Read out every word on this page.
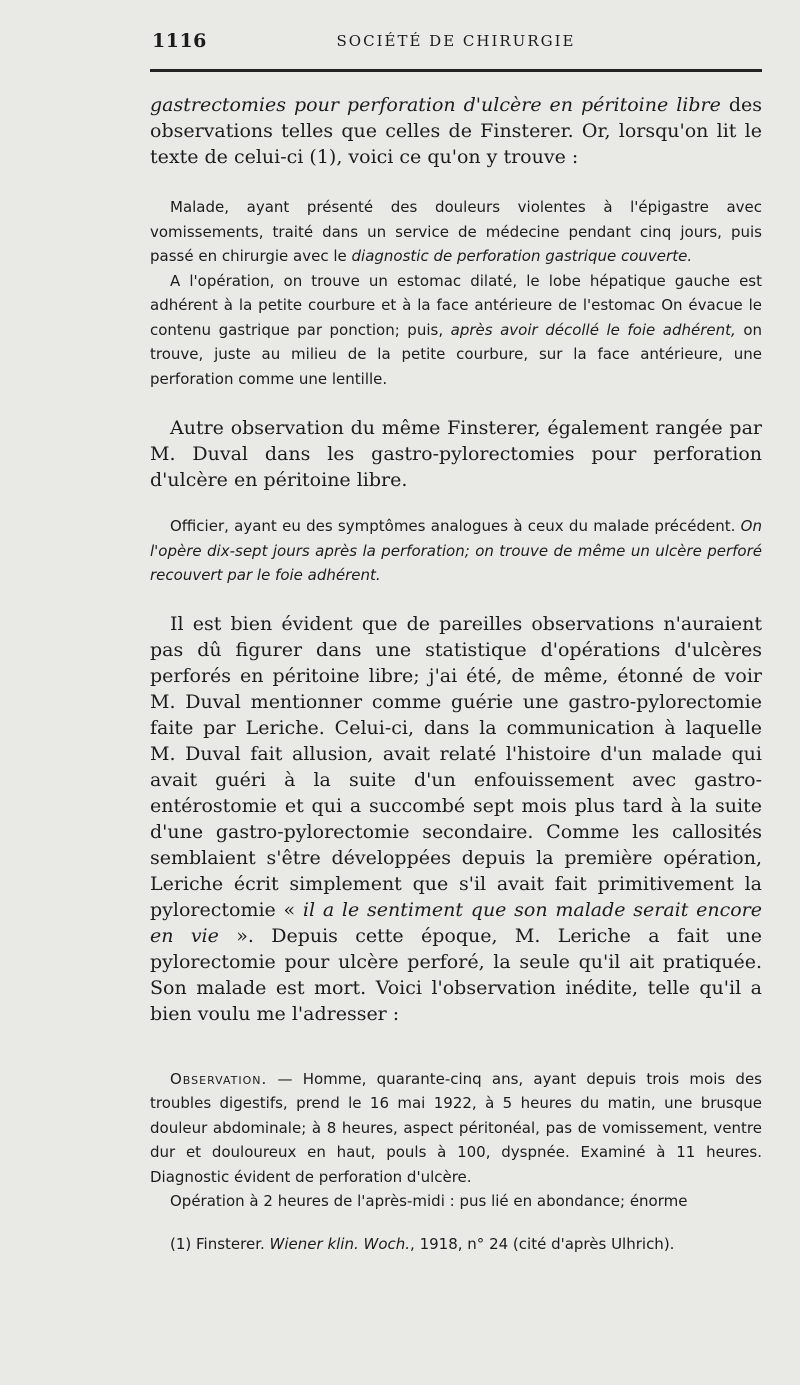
1116	SOCIÉTÉ DE CHIRURGIE

gastrectomies pour perforation d'ulcère en péritoine libre des observations telles que celles de Finsterer. Or, lorsqu'on lit le texte de celui-ci (1), voici ce qu'on y trouve :

Malade, ayant présenté des douleurs violentes à l'épigastre avec vomissements, traité dans un service de médecine pendant cinq jours, puis passé en chirurgie avec le diagnostic de perforation gastrique couverte.

A l'opération, on trouve un estomac dilaté, le lobe hépatique gauche est adhérent à la petite courbure et à la face antérieure de l'estomac On évacue le contenu gastrique par ponction; puis, après avoir décollé le foie adhérent, on trouve, juste au milieu de la petite courbure, sur la face antérieure, une perforation comme une lentille.

Autre observation du même Finsterer, également rangée par M. Duval dans les gastro-pylorectomies pour perforation d'ulcère en péritoine libre.

Officier, ayant eu des symptômes analogues à ceux du malade précédent. On l'opère dix-sept jours après la perforation; on trouve de même un ulcère perforé recouvert par le foie adhérent.

Il est bien évident que de pareilles observations n'auraient pas dû figurer dans une statistique d'opérations d'ulcères perforés en péritoine libre; j'ai été, de même, étonné de voir M. Duval mentionner comme guérie une gastro-pylorectomie faite par Leriche. Celui-ci, dans la communication à laquelle M. Duval fait allusion, avait relaté l'histoire d'un malade qui avait guéri à la suite d'un enfouissement avec gastro-entérostomie et qui a succombé sept mois plus tard à la suite d'une gastro-pylorectomie secondaire. Comme les callosités semblaient s'être développées depuis la première opération, Leriche écrit simplement que s'il avait fait primitivement la pylorectomie « il a le sentiment que son malade serait encore en vie ». Depuis cette époque, M. Leriche a fait une pylorectomie pour ulcère perforé, la seule qu'il ait pratiquée. Son malade est mort. Voici l'observation inédite, telle qu'il a bien voulu me l'adresser :

Observation. — Homme, quarante-cinq ans, ayant depuis trois mois des troubles digestifs, prend le 16 mai 1922, à 5 heures du matin, une brusque douleur abdominale; à 8 heures, aspect péritonéal, pas de vomissement, ventre dur et douloureux en haut, pouls à 100, dyspnée. Examiné à 11 heures. Diagnostic évident de perforation d'ulcère.

Opération à 2 heures de l'après-midi : pus lié en abondance; énorme

(1) Finsterer. Wiener klin. Woch., 1918, n° 24 (cité d'après Ulhrich).
